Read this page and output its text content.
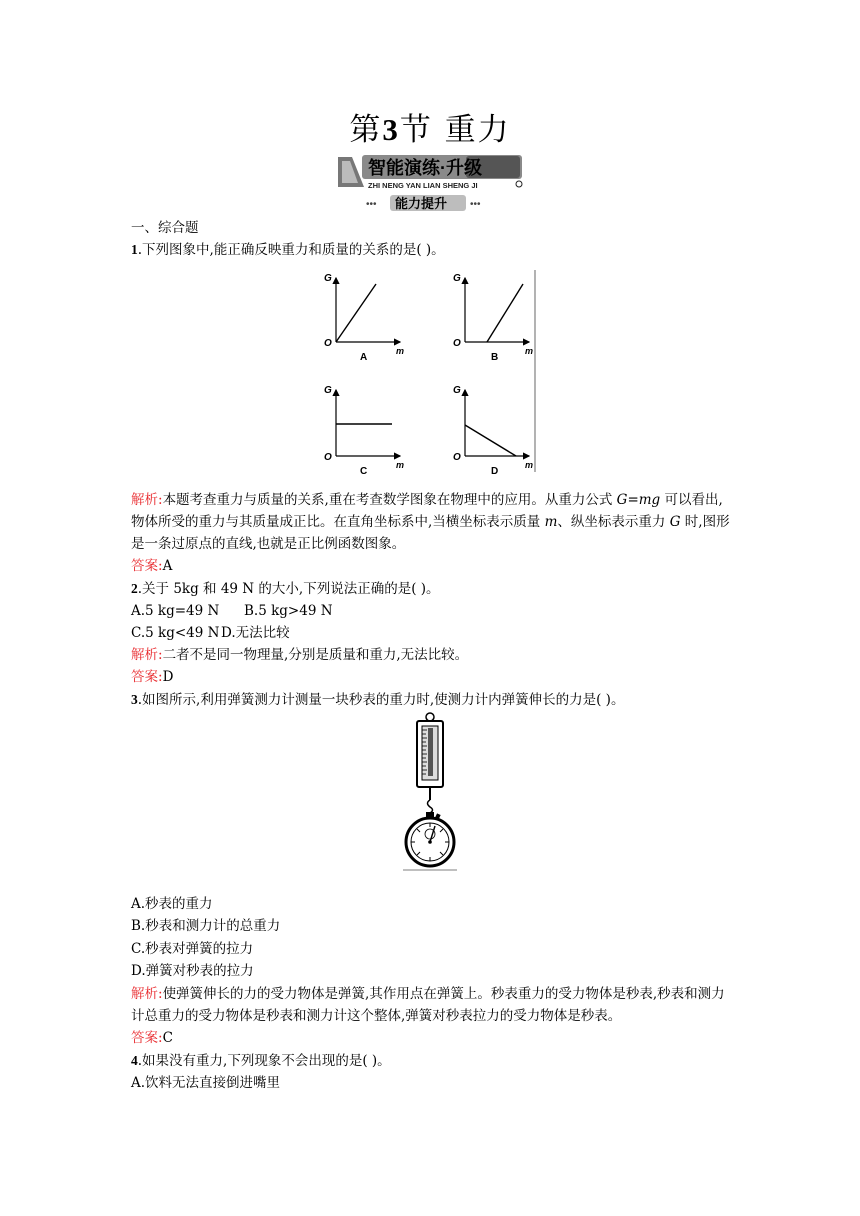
第3节 重力
智能演练·升级
ZHI NENG YAN LIAN SHENG JI
••• 能力提升 •••
一、综合题
1.下列图象中,能正确反映重力和质量的关系的是( )。
G
O
m
A
G
O
m
B
G
O
m
C
G
O
m
D
解析:本题考查重力与质量的关系,重在考查数学图象在物理中的应用。从重力公式 G=mg 可以看出,
物体所受的重力与其质量成正比。在直角坐标系中,当横坐标表示质量 m、纵坐标表示重力 G 时,图形
是一条过原点的直线,也就是正比例函数图象。
答案:A
2.关于 5kg 和 49 N 的大小,下列说法正确的是( )。
A.5 kg=49 N B.5 kg>49 N
C.5 kg<49 N D.无法比较
解析:二者不是同一物理量,分别是质量和重力,无法比较。
答案:D
3.如图所示,利用弹簧测力计测量一块秒表的重力时,使测力计内弹簧伸长的力是( )。
A.秒表的重力
B.秒表和测力计的总重力
C.秒表对弹簧的拉力
D.弹簧对秒表的拉力
解析:使弹簧伸长的力的受力物体是弹簧,其作用点在弹簧上。秒表重力的受力物体是秒表,秒表和测力
计总重力的受力物体是秒表和测力计这个整体,弹簧对秒表拉力的受力物体是秒表。
答案:C
4.如果没有重力,下列现象不会出现的是( )。
A.饮料无法直接倒进嘴里
